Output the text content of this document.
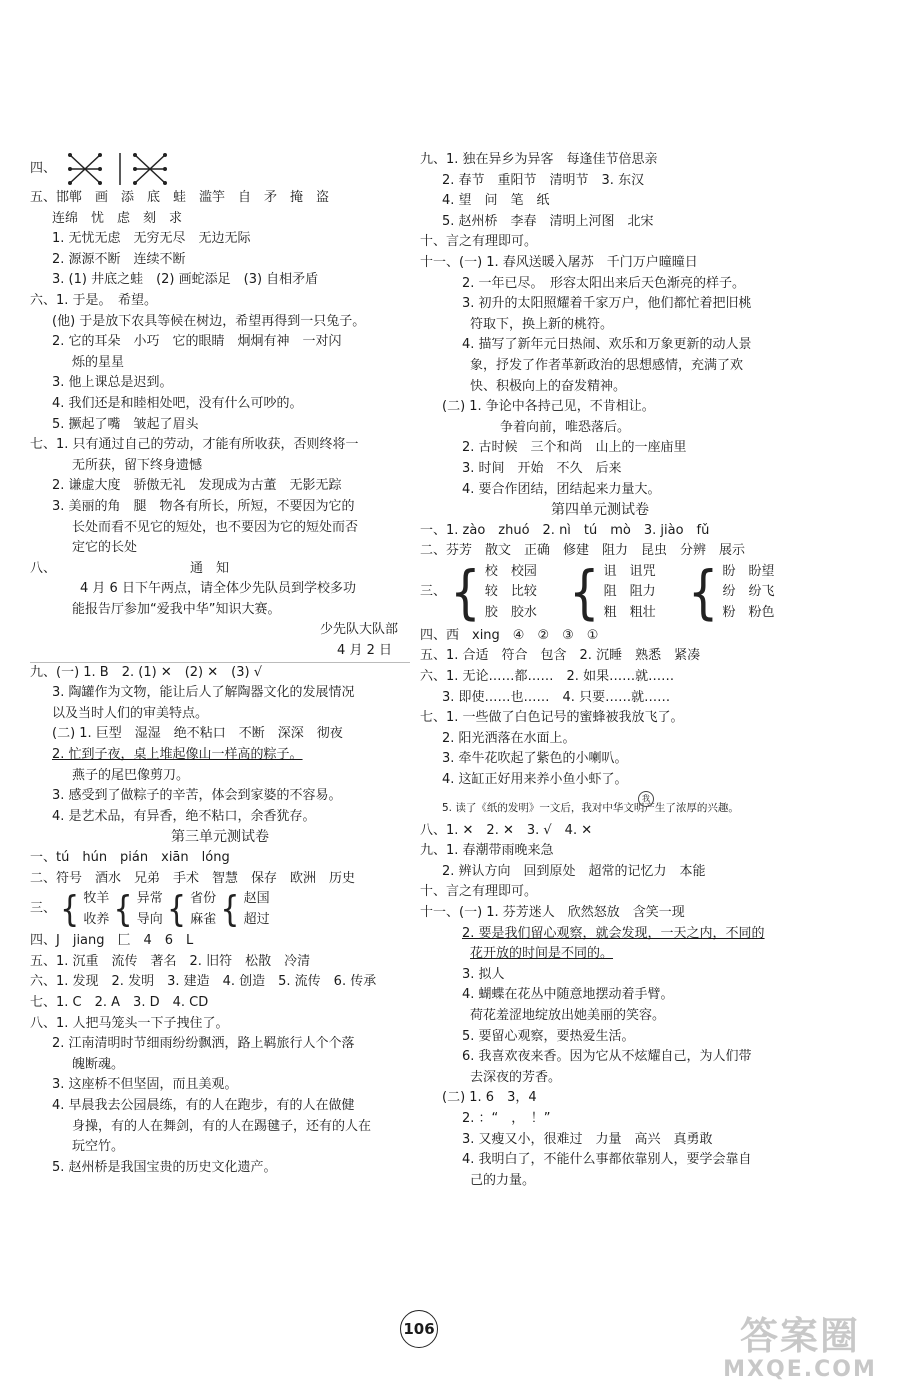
四、
五、邯郸　画　添　底　蛙　滥竽　自　矛　掩　盗
连绵　忧　虑　刻　求
1. 无忧无虑　无穷无尽　无边无际
2. 源源不断　连续不断
3. (1) 井底之蛙　(2) 画蛇添足　(3) 自相矛盾
六、1. 于是。　希望。
(他) 于是放下农具等候在树边，希望再得到一只兔子。
2. 它的耳朵　小巧　它的眼睛　炯炯有神　一对闪
烁的星星
3. 他上课总是迟到。
4. 我们还是和睦相处吧，没有什么可吵的。
5. 撅起了嘴　皱起了眉头
七、1. 只有通过自己的劳动，才能有所收获，否则终将一
无所获，留下终身遗憾
2. 谦虚大度　骄傲无礼　发现成为古董　无影无踪
3. 美丽的角　腿　物各有所长，所短，不要因为它的
长处而看不见它的短处，也不要因为它的短处而否
定它的长处
八、	通　知
4 月 6 日下午两点，请全体少先队员到学校多功
能报告厅参加“爱我中华”知识大赛。
少先队大队部
4 月 2 日
九、(一) 1. B　2. (1) ✕　(2) ✕　(3) √
3. 陶罐作为文物，能让后人了解陶器文化的发展情况
以及当时人们的审美特点。
(二) 1. 巨型　湿湿　绝不粘口　不断　深深　彻夜
2. 忙到子夜，桌上堆起像山一样高的粽子。
燕子的尾巴像剪刀。
3. 感受到了做粽子的辛苦，体会到家婆的不容易。
4. 是艺术品，有异香，绝不粘口，余香犹存。
第三单元测试卷
一、tú　hún　pián　xiān　lóng
二、符号　酒水　兄弟　手术　智慧　保存　欧洲　历史
三、 { 牧羊
收养 { 异常
导向 { 省份
麻雀 { 赵国
超过
四、J　jiang　匚　4　6　L
五、1. 沉重　流传　著名　2. 旧符　松散　冷清
六、1. 发现　2. 发明　3. 建造　4. 创造　5. 流传　6. 传承
七、1. C　2. A　3. D　4. CD
八、1. 人把马笼头一下子拽住了。
2. 江南清明时节细雨纷纷飘洒，路上羁旅行人个个落
魄断魂。
3. 这座桥不但坚固，而且美观。
4. 早晨我去公园晨练，有的人在跑步，有的人在做健
身操，有的人在舞剑，有的人在踢毽子，还有的人在
玩空竹。
5. 赵州桥是我国宝贵的历史文化遗产。
九、1. 独在异乡为异客　每逢佳节倍思亲
2. 春节　重阳节　清明节　3. 东汉
4. 望　问　笔　纸
5. 赵州桥　李春　清明上河图　北宋
十、言之有理即可。
十一、(一) 1. 春风送暖入屠苏　千门万户曈曈日
2. 一年已尽。　形容太阳出来后天色渐亮的样子。
3. 初升的太阳照耀着千家万户，他们都忙着把旧桃
符取下，换上新的桃符。
4. 描写了新年元日热闹、欢乐和万象更新的动人景
象，抒发了作者革新政治的思想感情，充满了欢
快、积极向上的奋发精神。
(二) 1. 争论中各持己见，不肯相让。
争着向前，唯恐落后。
2. 古时候　三个和尚　山上的一座庙里
3. 时间　开始　不久　后来
4. 要合作团结，团结起来力量大。
第四单元测试卷
一、1. zào　zhuó　2. nì　tú　mò　3. jiào　fǔ
二、芬芳　散文　正确　修建　阻力　昆虫　分辨　展示
三、 { 校　校园
较　比较
胶　胶水 { 诅　诅咒
阻　阻力
粗　粗壮 { 盼　盼望
纷　纷飞
粉　粉色
四、西　xing　④　②　③　①
五、1. 合适　符合　包含　2. 沉睡　熟悉　紧凑
六、1. 无论……都……　2. 如果……就……
3. 即使……也……　4. 只要……就……
七、1. 一些做了白色记号的蜜蜂被我放飞了。
2. 阳光洒落在水面上。
3. 牵牛花吹起了紫色的小喇叭。
4. 这缸正好用来养小鱼小虾了。
5. 读了《纸的发明》一文后，我对中华文明产生了浓厚的兴趣。
我
八、1. ✕　2. ✕　3. √　4. ✕
九、1. 春潮带雨晚来急
2. 辨认方向　回到原处　超常的记忆力　本能
十、言之有理即可。
十一、(一) 1. 芬芳迷人　欣然怒放　含笑一现
2. 要是我们留心观察，就会发现，一天之内，不同的
花开放的时间是不同的。
3. 拟人
4. 蝴蝶在花丛中随意地摆动着手臂。
荷花羞涩地绽放出她美丽的笑容。
5. 要留心观察，要热爱生活。
6. 我喜欢夜来香。因为它从不炫耀自己，为人们带
去深夜的芳香。
(二) 1. 6　3，4
2. ：“　，　！”
3. 又瘦又小，很难过　力量　高兴　真勇敢
4. 我明白了，不能什么事都依靠别人，要学会靠自
己的力量。
106	答案圈
MXQE.COM
